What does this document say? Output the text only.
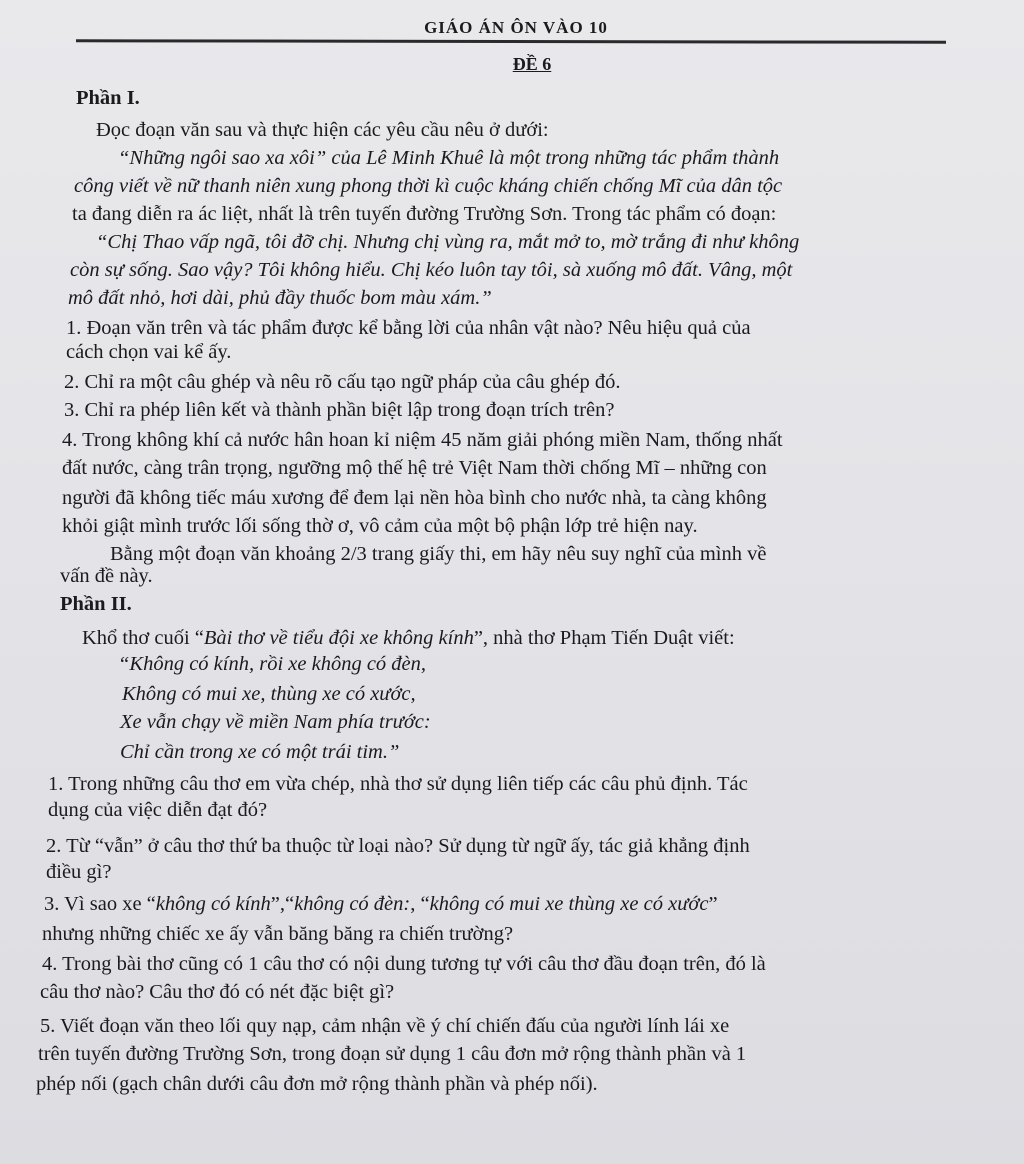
GIÁO ÁN ÔN VÀO 10
ĐỀ 6
Phần I.
Đọc đoạn văn sau và thực hiện các yêu cầu nêu ở dưới:
“Những ngôi sao xa xôi” của Lê Minh Khuê là một trong những tác phẩm thành
công viết về nữ thanh niên xung phong thời kì cuộc kháng chiến chống Mĩ của dân tộc
ta đang diễn ra ác liệt, nhất là trên tuyến đường Trường Sơn. Trong tác phẩm có đoạn:
“Chị Thao vấp ngã, tôi đỡ chị. Nhưng chị vùng ra, mắt mở to, mờ trắng đi như không
còn sự sống. Sao vậy? Tôi không hiểu. Chị kéo luôn tay tôi, sà xuống mô đất. Vâng, một
mô đất nhỏ, hơi dài, phủ đầy thuốc bom màu xám.”
1. Đoạn văn trên và tác phẩm được kể bằng lời của nhân vật nào? Nêu hiệu quả của
cách chọn vai kể ấy.
2. Chỉ ra một câu ghép và nêu rõ cấu tạo ngữ pháp của câu ghép đó.
3. Chỉ ra phép liên kết và thành phần biệt lập trong đoạn trích trên?
4. Trong không khí cả nước hân hoan kỉ niệm 45 năm giải phóng miền Nam, thống nhất
đất nước, càng trân trọng, ngưỡng mộ thế hệ trẻ Việt Nam thời chống Mĩ – những con
người đã không tiếc máu xương để đem lại nền hòa bình cho nước nhà, ta càng không
khỏi giật mình trước lối sống thờ ơ, vô cảm của một bộ phận lớp trẻ hiện nay.
Bằng một đoạn văn khoảng 2/3 trang giấy thi, em hãy nêu suy nghĩ của mình về
vấn đề này.
Phần II.
Khổ thơ cuối “Bài thơ về tiểu đội xe không kính”, nhà thơ Phạm Tiến Duật viết:
“Không có kính, rồi xe không có đèn,
Không có mui xe, thùng xe có xước,
Xe vẫn chạy về miền Nam phía trước:
Chỉ cần trong xe có một trái tim.”
1. Trong những câu thơ em vừa chép, nhà thơ sử dụng liên tiếp các câu phủ định. Tác
dụng của việc diễn đạt đó?
2. Từ “vẫn” ở câu thơ thứ ba thuộc từ loại nào? Sử dụng từ ngữ ấy, tác giả khẳng định
điều gì?
3. Vì sao xe “không có kính”,“không có đèn:, “không có mui xe thùng xe có xước”
nhưng những chiếc xe ấy vẫn băng băng ra chiến trường?
4. Trong bài thơ cũng có 1 câu thơ có nội dung tương tự với câu thơ đầu đoạn trên, đó là
câu thơ nào? Câu thơ đó có nét đặc biệt gì?
5. Viết đoạn văn theo lối quy nạp, cảm nhận về ý chí chiến đấu của người lính lái xe
trên tuyến đường Trường Sơn, trong đoạn sử dụng 1 câu đơn mở rộng thành phần và 1
phép nối (gạch chân dưới câu đơn mở rộng thành phần và phép nối).
